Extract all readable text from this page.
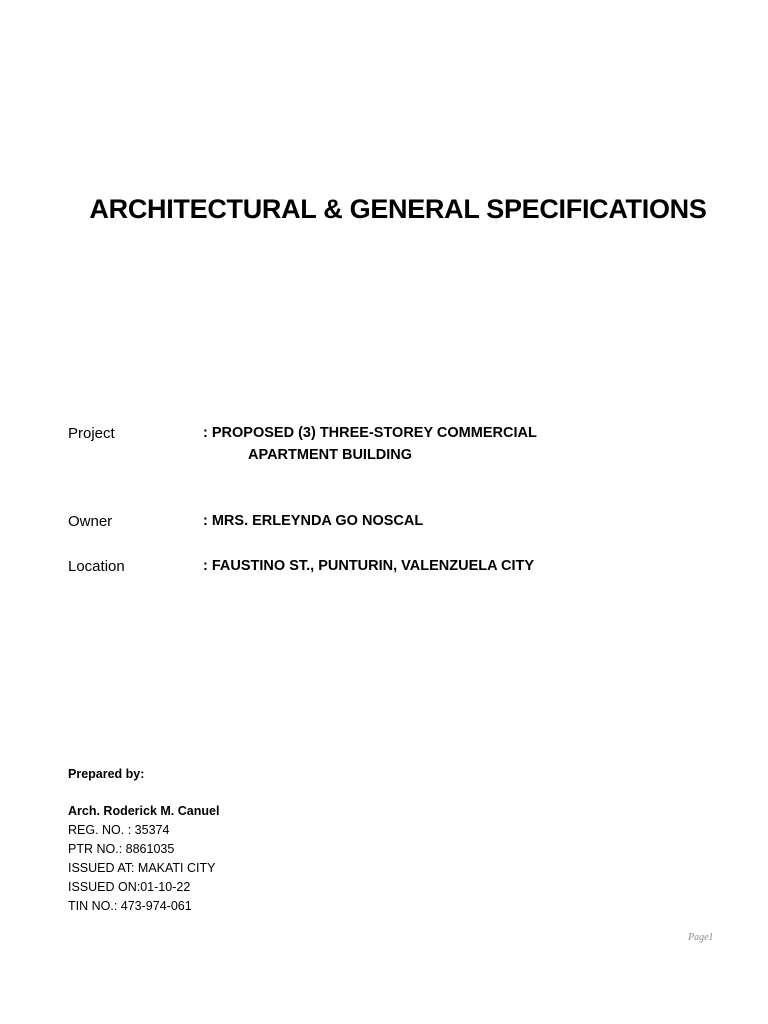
ARCHITECTURAL & GENERAL SPECIFICATIONS
Project	: PROPOSED (3) THREE-STOREY COMMERCIAL
APARTMENT BUILDING
Owner	: MRS. ERLEYNDA GO NOSCAL
Location	: FAUSTINO ST., PUNTURIN, VALENZUELA CITY
Prepared by:
Arch. Roderick M. Canuel
REG. NO. : 35374
PTR NO.: 8861035
ISSUED AT: MAKATI CITY
ISSUED ON:01-10-22
TIN NO.: 473-974-061
Page1
